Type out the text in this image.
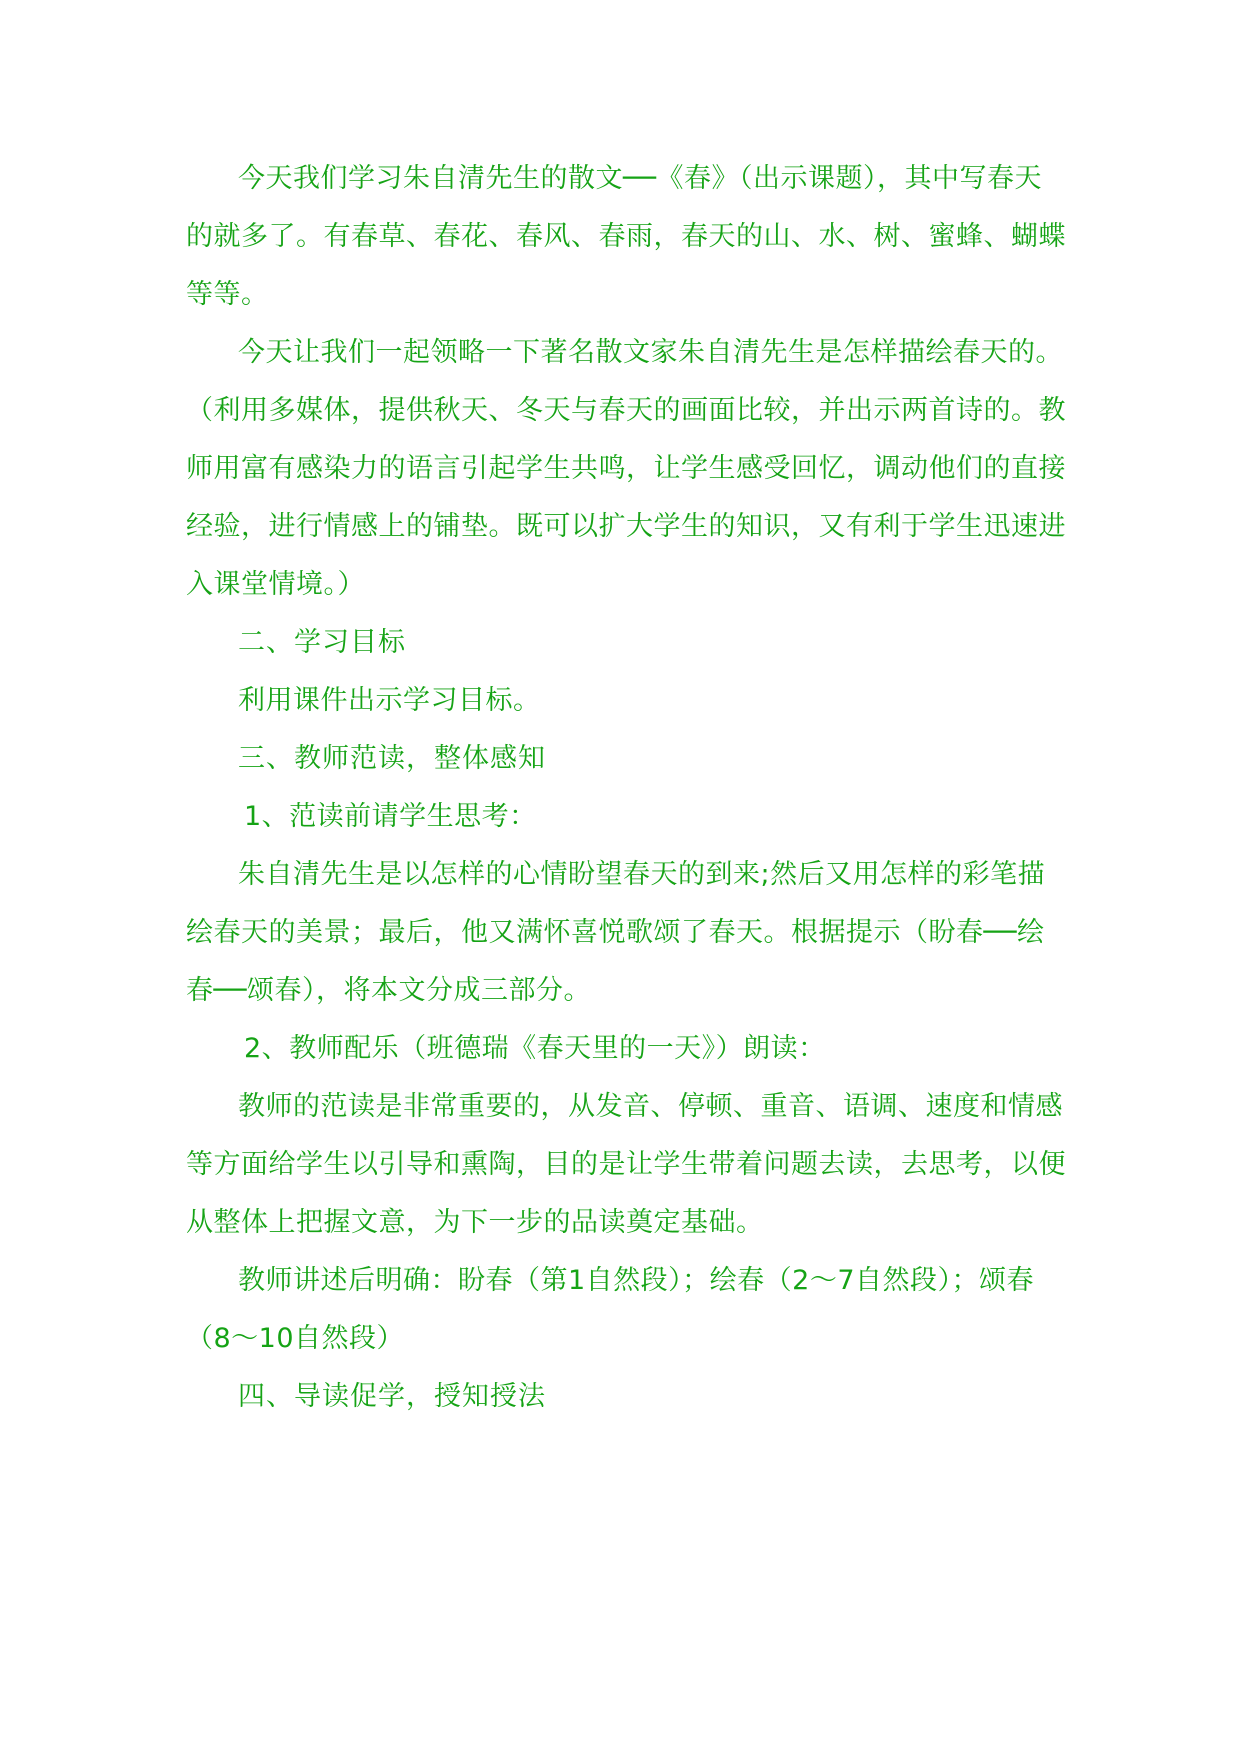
今天我们学习朱自清先生的散文──《春》（出示课题），其中写春天的就多了。有春草、春花、春风、春雨，春天的山、水、树、蜜蜂、蝴蝶等等。

今天让我们一起领略一下著名散文家朱自清先生是怎样描绘春天的。（利用多媒体，提供秋天、冬天与春天的画面比较，并出示两首诗的。教师用富有感染力的语言引起学生共鸣，让学生感受回忆，调动他们的直接经验，进行情感上的铺垫。既可以扩大学生的知识，又有利于学生迅速进入课堂情境。）

二、学习目标

利用课件出示学习目标。

三、教师范读，整体感知

1、范读前请学生思考：

朱自清先生是以怎样的心情盼望春天的到来;然后又用怎样的彩笔描绘春天的美景；最后，他又满怀喜悦歌颂了春天。根据提示（盼春──绘春──颂春），将本文分成三部分。

2、教师配乐（班德瑞《春天里的一天》）朗读：

教师的范读是非常重要的，从发音、停顿、重音、语调、速度和情感等方面给学生以引导和熏陶，目的是让学生带着问题去读，去思考，以便从整体上把握文意，为下一步的品读奠定基础。

教师讲述后明确：盼春（第1自然段）；绘春（2～7自然段）；颂春（8～10自然段）

四、导读促学，授知授法
